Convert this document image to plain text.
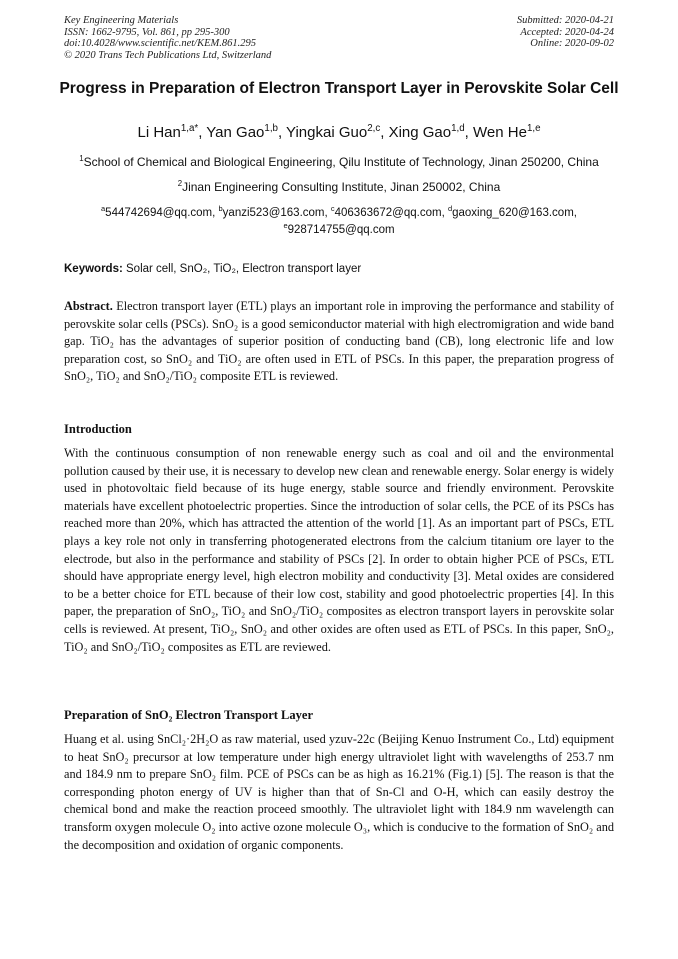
Key Engineering Materials
ISSN: 1662-9795, Vol. 861, pp 295-300
doi:10.4028/www.scientific.net/KEM.861.295
© 2020 Trans Tech Publications Ltd, Switzerland
Submitted: 2020-04-21
Accepted: 2020-04-24
Online: 2020-09-02
Progress in Preparation of Electron Transport Layer in Perovskite Solar Cell
Li Han$^{1,a*}$, Yan Gao$^{1,b}$, Yingkai Guo$^{2,c}$, Xing Gao$^{1,d}$, Wen He$^{1,e}$
$^1$School of Chemical and Biological Engineering, Qilu Institute of Technology, Jinan 250200, China
$^2$Jinan Engineering Consulting Institute, Jinan 250002, China
$^a$544742694@qq.com, $^b$yanzi523@163.com, $^c$406363672@qq.com, $^d$gaoxing_620@163.com,
$^e$928714755@qq.com
Keywords: Solar cell, SnO₂, TiO₂, Electron transport layer

Abstract. Electron transport layer (ETL) plays an important role in improving the performance and stability of perovskite solar cells (PSCs). SnO₂ is a good semiconductor material with high electromigration and wide band gap. TiO₂ has the advantages of superior position of conducting band (CB), long electronic life and low preparation cost, so SnO₂ and TiO₂ are often used in ETL of PSCs. In this paper, the preparation progress of SnO₂, TiO₂ and SnO₂/TiO₂ composite ETL is reviewed.

Introduction

With the continuous consumption of non renewable energy such as coal and oil and the environmental pollution caused by their use, it is necessary to develop new clean and renewable energy. Solar energy is widely used in photovoltaic field because of its huge energy, stable source and friendly environment. Perovskite materials have excellent photoelectric properties. Since the introduction of solar cells, the PCE of its PSCs has reached more than 20%, which has attracted the attention of the world [1]. As an important part of PSCs, ETL plays a key role not only in transferring photogenerated electrons from the calcium titanium ore layer to the electrode, but also in the performance and stability of PSCs [2]. In order to obtain higher PCE of PSCs, ETL should have appropriate energy level, high electron mobility and conductivity [3]. Metal oxides are considered to be a better choice for ETL because of their low cost, stability and good photoelectric properties [4]. In this paper, the preparation of SnO₂, TiO₂ and SnO₂/TiO₂ composites as electron transport layers in perovskite solar cells is reviewed. At present, TiO₂, SnO₂ and other oxides are often used as ETL of PSCs. In this paper, SnO₂, TiO₂ and SnO₂/TiO₂ composites as ETL are reviewed.

Preparation of SnO₂ Electron Transport Layer

Huang et al. using SnCl₂·2H₂O as raw material, used yzuv-22c (Beijing Kenuo Instrument Co., Ltd) equipment to heat SnO₂ precursor at low temperature under high energy ultraviolet light with wavelengths of 253.7 nm and 184.9 nm to prepare SnO₂ film. PCE of PSCs can be as high as 16.21% (Fig.1) [5]. The reason is that the corresponding photon energy of UV is higher than that of Sn-Cl and O-H, which can easily destroy the chemical bond and make the reaction proceed smoothly. The ultraviolet light with 184.9 nm wavelength can transform oxygen molecule O₂ into active ozone molecule O₃, which is conducive to the formation of SnO₂ and the decomposition and oxidation of organic components.
